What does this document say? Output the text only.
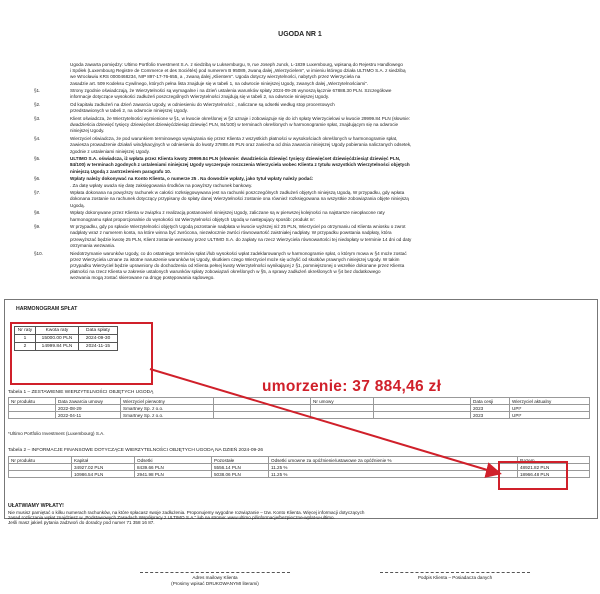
UGODA NR 1
Ugoda zawarta pomiędzy: Ultimo Portfolio Investment S.A. z siedzibą w Luksemburgu, 9, rue Joseph Junck, L-1839 Luxembourg, wpisaną do Rejestru Handlowego
i Spółek (Luxembourg Registre de Commerce et des Sociétés) pod numerem B 95089, zwaną dalej „Wierzycielem", w imieniu którego działa ULTIMO S.A. z siedzibą
we Wrocławiu KRS 0000468234, NIP 897-17-76-655, a , zwaną dalej „Klientem". Ugoda dotyczy wierzytelności, nabytych przez Wierzyciela na
zasadzie art. 509 Kodeksu Cywilnego, których pełna lista znajduje się w tabeli 1, na odwrocie niniejszej Ugody, zwanych dalej „Wierzytelnościami".
§1.	Strony zgodnie oświadczają, że Wierzytelności są wymagalne i na dzień ustalenia warunków spłaty 2024-09-26 wynoszą łącznie 67888.30 PLN. Szczegółowe
informacje dotyczące wysokości zadłużeń poszczególnych Wierzytelności znajdują się w tabeli 2, na odwrocie niniejszej Ugody.
§2.	Od kapitału zadłużeń na dzień zawarcia Ugody, w odniesieniu do Wierzytelności: , naliczane są odsetki według stop procentowych
przedstawionych w tabeli 2, na odwrocie niniejszej Ugody.
§3.	Klient oświadcza, że Wierzytelności wymienione w §1, w kwocie określonej w §2 uznaje i zobowiązuje się do ich spłaty Wierzycielowi w kwocie 29999.84 PLN (słownie:
dwadzieścia dziewięć tysięcy dziewięćset dziewięćdziesiąt dziewięć PLN, 84/100) w terminach określonych w harmonogramie spłat, znajdującym się na odwrocie
niniejszej Ugody.
§4.	Wierzyciel oświadcza, że pod warunkiem terminowego wywiązania się przez Klienta z wszystkich płatności w wysokościach określonych w harmonogramie spłat,
zawiesza prowadzenie działań windykacyjnych w odniesieniu do kwoty 37888.46 PLN oraz zaniecha od dnia zawarcia niniejszej Ugody pobierania naliczanych odsetek,
zgodnie z ustaleniami niniejszej Ugody.
§5.	ULTIMO S.A. oświadcza, iż wpłata przez Klienta kwoty 29999.84 PLN (słownie: dwadzieścia dziewięć tysięcy dziewięćset dziewięćdziesiąt dziewięć PLN,
84/100) w terminach zgodnych z ustaleniami niniejszej Ugody wyczerpuje roszczenia Wierzyciela wobec Klienta z tytułu wszystkich Wierzytelności objętych
niniejszą Ugodą z zastrzeżeniem paragrafu 10.
§6.	Wpłaty należy dokonywać na Konto Klienta, o numerze 25 . Na dowodzie wpłaty, jako tytuł wpłaty należy podać:
. Za datę wpłaty uważa się datę zaksięgowania środków na powyższy rachunek bankowy.
§7.	Wpłata dokonana na powyższy rachunek w całości rozksięgowywana jest na rachunki poszczególnych zadłużeń objętych niniejszą Ugodą. W przypadku, gdy wpłata
dokonana zostanie na rachunek dotyczący przypisany do spłaty danej Wierzytelności zostanie ona również rozksięgowana na wszystkie zobowiązania objęte niniejszą
Ugodą.
§8.	Wpłaty dokonywane przez Klienta w związku z realizacją postanowień niniejszej Ugody, zaliczane są w pierwszej kolejności na najstarsze nieopłacone raty
harmonogramu spłat proporcjonalnie do wysokości rat Wierzytelności objętych Ugodą w następujący sposób: produkt nr:
§9.	W przypadku, gdy po spłacie Wierzytelności objętych Ugodą pozostanie nadpłata w kwocie wyższej niż 25 PLN, Wierzyciel po otrzymaniu od Klienta wniosku o zwrot
nadpłaty wraz z numerem konta, na które winna być zwrócona, niezwłocznie zwróci równowartość zaistniałej nadpłaty. W przypadku powstania nadpłaty, która
przewyższać będzie kwotę 25 PLN, Klient zostanie wezwany przez ULTIMO S.A. do zapłaty na rzecz Wierzyciela równowartości tej niedopłaty w terminie 14 dni od daty
otrzymania wezwania.
§10.	Niedotrzymanie warunków Ugody, co do ostatniego terminów spłat i/lub wysokości wpłat zadeklarowanych w harmonogramie spłat, o którym mowa w §4 może zostać
przez Wierzyciela uznane za istotne naruszenie warunków tej Ugody, skutkiem czego Wierzyciel może się uchylić od skutków prawnych niniejszej Ugody. W takim
przypadku Wierzyciel będzie uprawniony do dochodzenia od Klienta pełnej kwoty Wierzytelności wynikającej z §1, pomniejszonej o wszelkie dokonane przez Klienta
płatności na rzecz Klienta w zakresie ustalonych warunków spłaty zobowiązań określonych w §5, a sprawy zadłużeń określonych w §4 bez dodatkowego
wezwania mogą zostać skierowane na drogę postępowania sądowego.
HARMONOGRAM SPŁAT
Nr raty	Kwota raty	Data spłaty
1	15000.00 PLN	2024-09-30
2	14999.84 PLN	2024-11-15
umorzenie: 37 884,46 zł
Tabela 1 – ZESTAWIENIE WIERZYTELNOŚCI OBJĘTYCH UGODĄ
Nr produktu	Data zawarcia umowy	Wierzyciel pierwotny		Nr umowy		Data cesji	Wierzyciel aktualny
	2022-08-29	Smartney Sp. z o.o.				2023	UPI*
	2022-04-11	Smartney Sp. z o.o.				2023	UPI*
*Ultimo Portfolio Investment (Luxembourg) S.A.
Tabela 2 – INFORMACJE FINANSOWE DOTYCZĄCE WIERZYTELNOŚCI OBJĘTYCH UGODĄ NA DZIEŃ 2024-09-26
Nr produktu	Kapitał	Odsetki	Pozostałe	Odsetki umowne za opóźnienie/ustawowe za opóźnienie %	Razem
	34927.02 PLN	8439.66 PLN	5556.14 PLN	11.25 %	48921.82 PLN
	10986.54 PLN	2941.98 PLN	5038.06 PLN	11.25 %	18966.48 PLN
UŁATWIAMY WPŁATY!
Nie musisz pamiętać o kilku numerach rachunków, na które spłacasz swoje zadłużenia. Proponujemy wygodne rozwiązanie – tzw. Konto Klienta. Więcej informacji dotyczących
zasad rozliczania wpłat znajdziesz w „Podstawowych Zasadach Współpracy z ULTIMO S.A." lub na stronie: www.ultimo.pl/informacje/bezpieczne-wplat-w-ultimo.
Jeśli masz jakieś pytania zadzwoń do doradcy pod numer 71 358 16 87.
Adres mailowy Klienta
(Prosimy wpisać DRUKOWANYMI literami)
Podpis Klienta – Posiadacza danych
